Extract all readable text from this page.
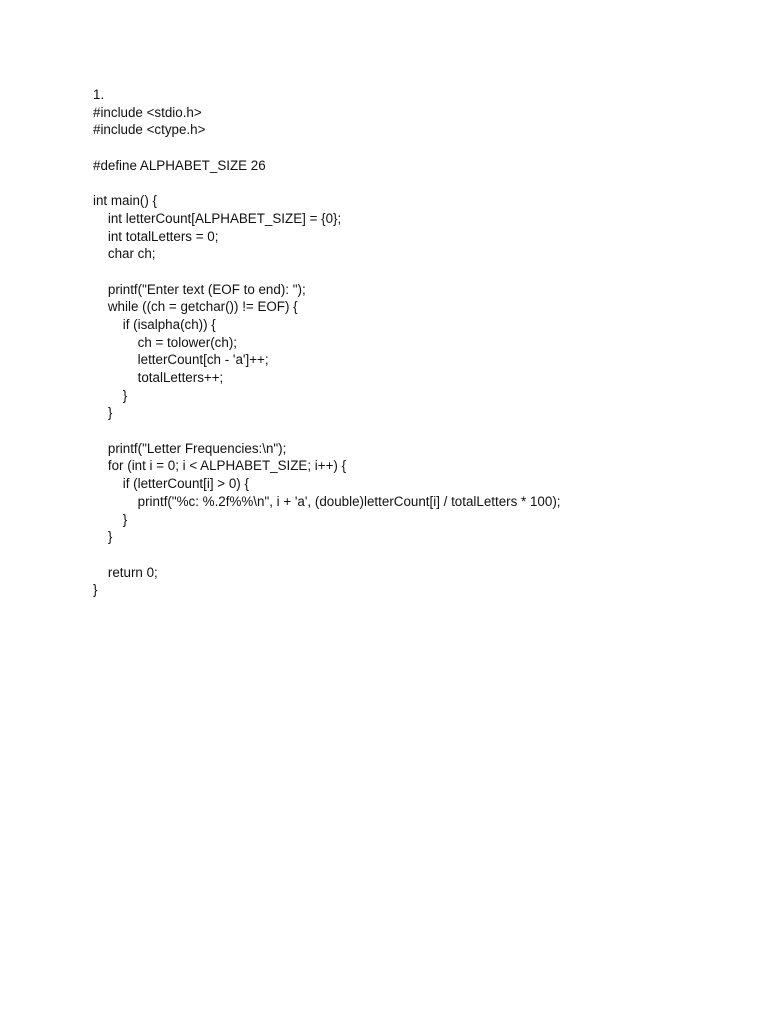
1.

#include <stdio.h>

#include <ctype.h>

#define ALPHABET_SIZE 26

int main() {

int letterCount[ALPHABET_SIZE] = {0};

int totalLetters = 0;

char ch;

printf("Enter text (EOF to end): ");

while ((ch = getchar()) != EOF) {

if (isalpha(ch)) {

ch = tolower(ch);

letterCount[ch - 'a']++;

totalLetters++;

}

}

printf("Letter Frequencies:\n");

for (int i = 0; i < ALPHABET_SIZE; i++) {

if (letterCount[i] > 0) {

printf("%c: %.2f%%\n", i + 'a', (double)letterCount[i] / totalLetters * 100);

}

}

return 0;

}
